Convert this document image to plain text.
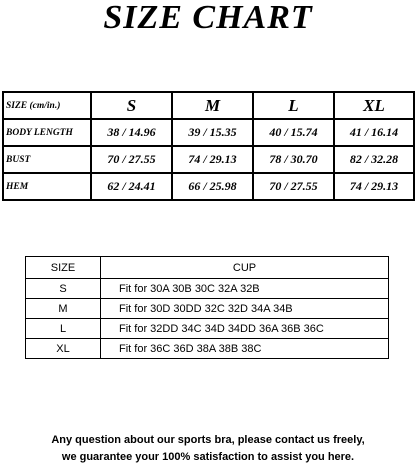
SIZE CHART
SIZE (cm/in.)	S	M	L	XL
BODY LENGTH	38 / 14.96	39 / 15.35	40 / 15.74	41 / 16.14
BUST	70 / 27.55	74 / 29.13	78 / 30.70	82 / 32.28
HEM	62 / 24.41	66 / 25.98	70 / 27.55	74 / 29.13
SIZE	CUP
S	Fit for 30A 30B 30C 32A 32B
M	Fit for 30D 30DD 32C 32D 34A 34B
L	Fit for 32DD 34C 34D 34DD 36A 36B 36C
XL	Fit for 36C 36D 38A 38B 38C
Any question about our sports bra, please contact us freely,
we guarantee your 100% satisfaction to assist you here.
